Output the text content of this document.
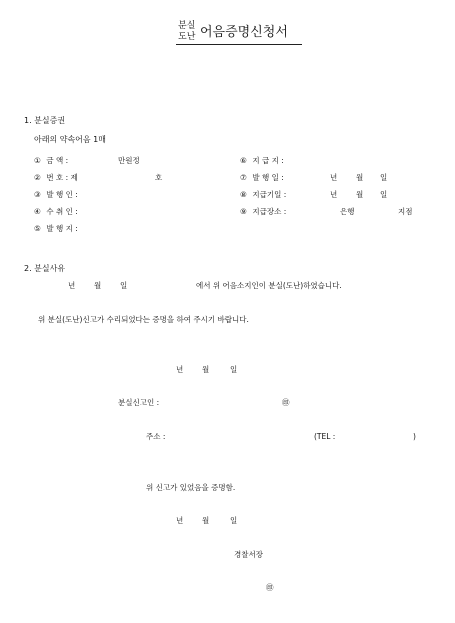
분실
도난 어음증명신청서
1. 분실증권
아래의 약속어음 1매
① 금 액 :	만원정
② 번 호 : 제	호
③ 발 행 인 :
④ 수 취 인 :
⑤ 발 행 지 :
⑥ 지 급 지 :
⑦ 발 행 일 :	년	월 일
⑧ 지급기일 :	년	월 일
⑨ 지급장소 :	은행	지점
2. 분실사유
년	월	일	에서 위 어음소지인이 분실(도난)하였습니다.
위 분실(도난)신고가 수리되었다는 증명을 하여 주시기 바랍니다.
년	월	일
분실신고인 :	㊞
주소 :	(TEL :	)
위 신고가 있었음을 증명함.
년	월	일
경찰서장
㊞
